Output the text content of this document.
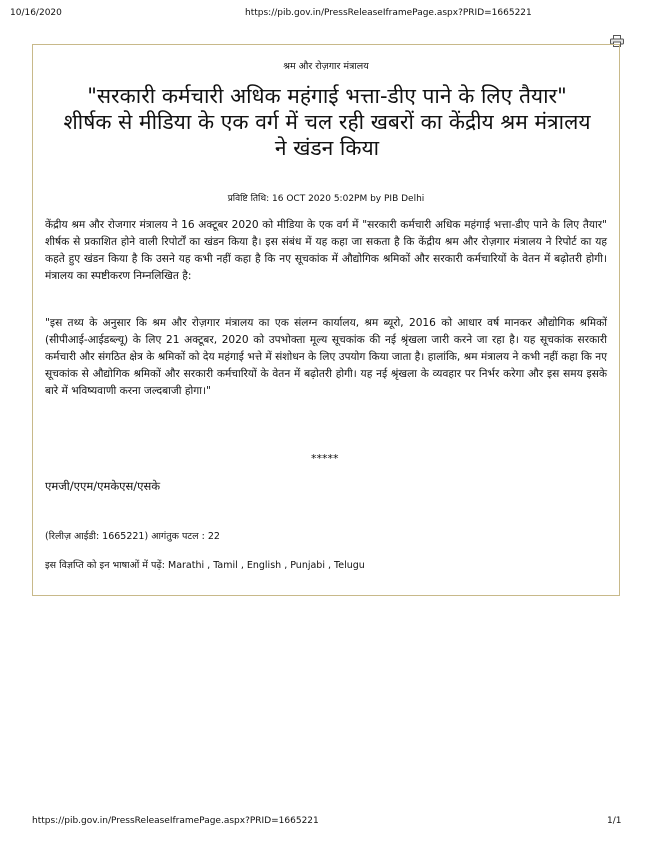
10/16/2020	https://pib.gov.in/PressReleaseIframePage.aspx?PRID=1665221
श्रम और रोज़गार मंत्रालय
"सरकारी कर्मचारी अधिक महंगाई भत्ता-डीए पाने के लिए तैयार" शीर्षक से मीडिया के एक वर्ग में चल रही खबरों का केंद्रीय श्रम मंत्रालय ने खंडन किया
प्रविष्टि तिथि: 16 OCT 2020 5:02PM by PIB Delhi

केंद्रीय श्रम और रोजगार मंत्रालय ने 16 अक्टूबर 2020 को मीडिया के एक वर्ग में "सरकारी कर्मचारी अधिक महंगाई भत्ता-डीए पाने के लिए तैयार" शीर्षक से प्रकाशित होने वाली रिपोर्टों का खंडन किया है। इस संबंध में यह कहा जा सकता है कि केंद्रीय श्रम और रोज़गार मंत्रालय ने रिपोर्ट का यह कहते हुए खंडन किया है कि उसने यह कभी नहीं कहा है कि नए सूचकांक में औद्योगिक श्रमिकों और सरकारी कर्मचारियों के वेतन में बढ़ोतरी होगी। मंत्रालय का स्पष्टीकरण निम्नलिखित है:

"इस तथ्य के अनुसार कि श्रम और रोज़गार मंत्रालय का एक संलग्न कार्यालय, श्रम ब्यूरो, 2016 को आधार वर्ष मानकर औद्योगिक श्रमिकों (सीपीआई-आईडब्ल्यू) के लिए 21 अक्टूबर, 2020 को उपभोक्ता मूल्य सूचकांक की नई श्रृंखला जारी करने जा रहा है। यह सूचकांक सरकारी कर्मचारी और संगठित क्षेत्र के श्रमिकों को देय महंगाई भत्ते में संशोधन के लिए उपयोग किया जाता है। हालांकि, श्रम मंत्रालय ने कभी नहीं कहा कि नए सूचकांक से औद्योगिक श्रमिकों और सरकारी कर्मचारियों के वेतन में बढ़ोतरी होगी। यह नई श्रृंखला के व्यवहार पर निर्भर करेगा और इस समय इसके बारे में भविष्यवाणी करना जल्दबाजी होगा।"

*****
एमजी/एएम/एमकेएस/एसके
(रिलीज़ आईडी: 1665221) आगंतुक पटल : 22
इस विज्ञप्ति को इन भाषाओं में पढ़ें: Marathi , Tamil , English , Punjabi , Telugu
https://pib.gov.in/PressReleaseIframePage.aspx?PRID=1665221	1/1
